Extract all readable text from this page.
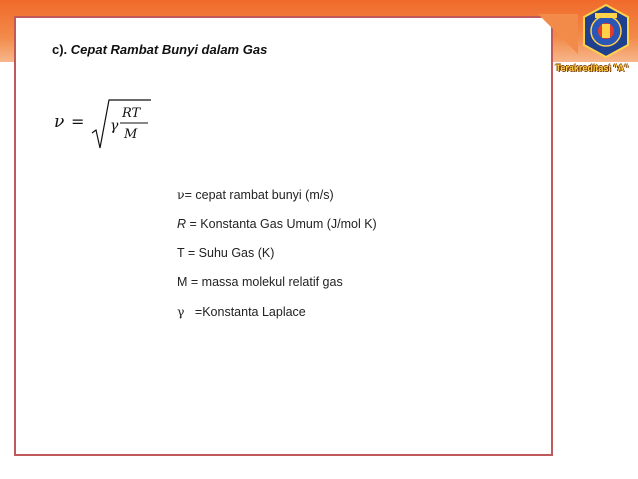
Terakreditasi "A"
c). Cepat Rambat Bunyi dalam Gas
ν = γ
RT
M
ν= cepat rambat bunyi (m/s)
R = Konstanta Gas Umum (J/mol K)
T = Suhu Gas (K)
M = massa molekul relatif gas
γ   =Konstanta Laplace
